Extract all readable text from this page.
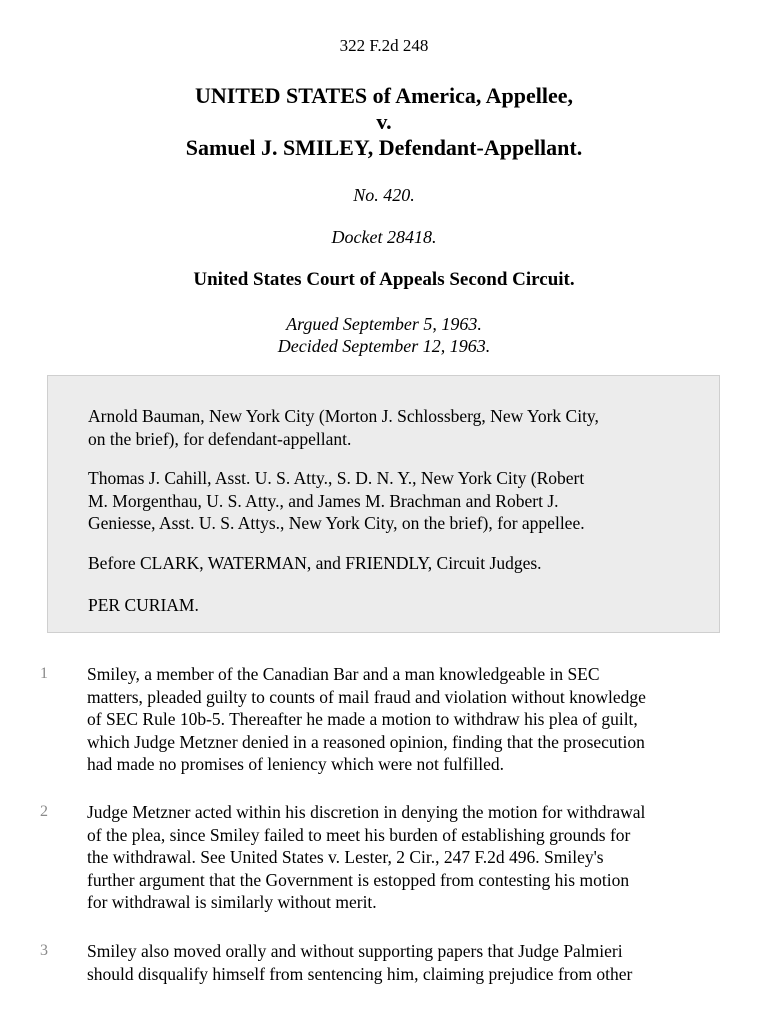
322 F.2d 248
UNITED STATES of America, Appellee,
v.
Samuel J. SMILEY, Defendant-Appellant.
No. 420.
Docket 28418.
United States Court of Appeals Second Circuit.
Argued September 5, 1963.
Decided September 12, 1963.

Arnold Bauman, New York City (Morton J. Schlossberg, New York City,
on the brief), for defendant-appellant.

Thomas J. Cahill, Asst. U. S. Atty., S. D. N. Y., New York City (Robert
M. Morgenthau, U. S. Atty., and James M. Brachman and Robert J.
Geniesse, Asst. U. S. Attys., New York City, on the brief), for appellee.

Before CLARK, WATERMAN, and FRIENDLY, Circuit Judges.

PER CURIAM.

1	Smiley, a member of the Canadian Bar and a man knowledgeable in SEC
matters, pleaded guilty to counts of mail fraud and violation without knowledge
of SEC Rule 10b-5. Thereafter he made a motion to withdraw his plea of guilt,
which Judge Metzner denied in a reasoned opinion, finding that the prosecution
had made no promises of leniency which were not fulfilled.

2	Judge Metzner acted within his discretion in denying the motion for withdrawal
of the plea, since Smiley failed to meet his burden of establishing grounds for
the withdrawal. See United States v. Lester, 2 Cir., 247 F.2d 496. Smiley's
further argument that the Government is estopped from contesting his motion
for withdrawal is similarly without merit.

3	Smiley also moved orally and without supporting papers that Judge Palmieri
should disqualify himself from sentencing him, claiming prejudice from other
